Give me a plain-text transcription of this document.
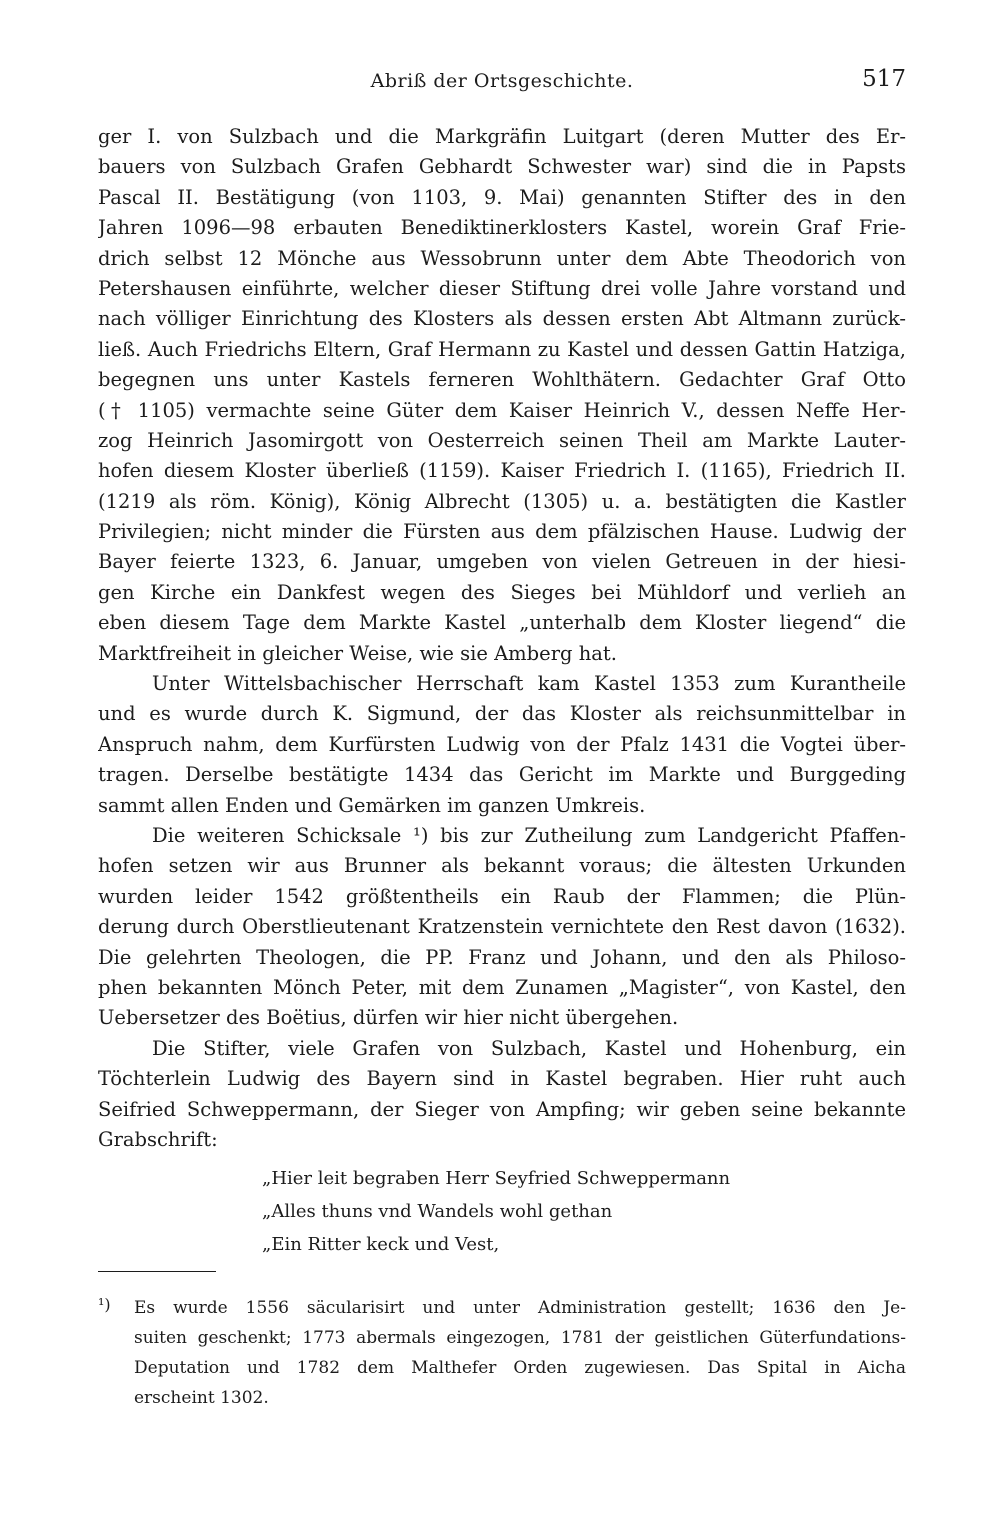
Abriß der Ortsgeschichte.	517
ger I. von Sulzbach und die Markgräfin Luitgart (deren Mutter des Er-
bauers von Sulzbach Grafen Gebhardt Schwester war) sind die in Papsts
Pascal II. Bestätigung (von 1103, 9. Mai) genannten Stifter des in den
Jahren 1096—98 erbauten Benediktinerklosters Kastel, worein Graf Frie-
drich selbst 12 Mönche aus Wessobrunn unter dem Abte Theodorich von
Petershausen einführte, welcher dieser Stiftung drei volle Jahre vorstand und
nach völliger Einrichtung des Klosters als dessen ersten Abt Altmann zurück-
ließ. Auch Friedrichs Eltern, Graf Hermann zu Kastel und dessen Gattin Hatziga,
begegnen uns unter Kastels ferneren Wohlthätern. Gedachter Graf Otto
(† 1105) vermachte seine Güter dem Kaiser Heinrich V., dessen Neffe Her-
zog Heinrich Jasomirgott von Oesterreich seinen Theil am Markte Lauter-
hofen diesem Kloster überließ (1159). Kaiser Friedrich I. (1165), Friedrich II.
(1219 als röm. König), König Albrecht (1305) u. a. bestätigten die Kastler
Privilegien; nicht minder die Fürsten aus dem pfälzischen Hause. Ludwig der
Bayer feierte 1323, 6. Januar, umgeben von vielen Getreuen in der hiesi-
gen Kirche ein Dankfest wegen des Sieges bei Mühldorf und verlieh an
eben diesem Tage dem Markte Kastel „unterhalb dem Kloster liegend“ die
Marktfreiheit in gleicher Weise, wie sie Amberg hat.
Unter Wittelsbachischer Herrschaft kam Kastel 1353 zum Kurantheile
und es wurde durch K. Sigmund, der das Kloster als reichsunmittelbar in
Anspruch nahm, dem Kurfürsten Ludwig von der Pfalz 1431 die Vogtei über-
tragen. Derselbe bestätigte 1434 das Gericht im Markte und Burggeding
sammt allen Enden und Gemärken im ganzen Umkreis.
Die weiteren Schicksale ¹) bis zur Zutheilung zum Landgericht Pfaffen-
hofen setzen wir aus Brunner als bekannt voraus; die ältesten Urkunden
wurden leider 1542 größtentheils ein Raub der Flammen; die Plün-
derung durch Oberstlieutenant Kratzenstein vernichtete den Rest davon (1632).
Die gelehrten Theologen, die PP. Franz und Johann, und den als Philoso-
phen bekannten Mönch Peter, mit dem Zunamen „Magister“, von Kastel, den
Uebersetzer des Boëtius, dürfen wir hier nicht übergehen.
Die Stifter, viele Grafen von Sulzbach, Kastel und Hohenburg, ein
Töchterlein Ludwig des Bayern sind in Kastel begraben. Hier ruht auch
Seifried Schweppermann, der Sieger von Ampfing; wir geben seine bekannte
Grabschrift:
„Hier leit begraben Herr Seyfried Schweppermann
„Alles thuns vnd Wandels wohl gethan
„Ein Ritter keck und Vest,
¹) Es wurde 1556 säcularisirt und unter Administration gestellt; 1636 den Je-
suiten geschenkt; 1773 abermals eingezogen, 1781 der geistlichen Güterfundations-
Deputation und 1782 dem Malthefer Orden zugewiesen. Das Spital in Aicha
erscheint 1302.
